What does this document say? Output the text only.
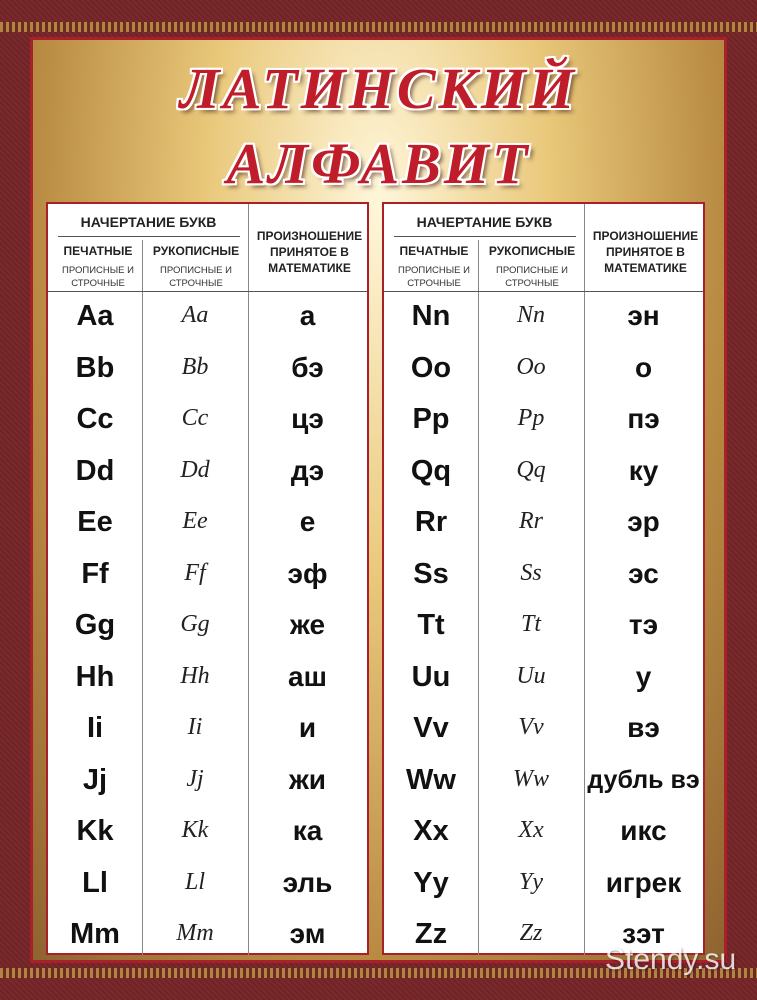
ЛАТИНСКИЙ
АЛФАВИТ
НАЧЕРТАНИЕ БУКВ
ПЕЧАТНЫЕ	РУКОПИСНЫЕ
ПРОПИСНЫЕ И СТРОЧНЫЕ
ПРОПИСНЫЕ И СТРОЧНЫЕ
ПРОИЗНОШЕНИЕ ПРИНЯТОЕ В МАТЕМАТИКЕ
Aa	Aa	а
Bb	Bb	бэ
Cc	Cc	цэ
Dd	Dd	дэ
Ee	Ee	е
Ff	Ff	эф
Gg	Gg	же
Hh	Hh	аш
Ii	Ii	и
Jj	Jj	жи
Kk	Kk	ка
Ll	Ll	эль
Mm	Mm	эм
НАЧЕРТАНИЕ БУКВ
ПЕЧАТНЫЕ	РУКОПИСНЫЕ
ПРОПИСНЫЕ И СТРОЧНЫЕ
ПРОПИСНЫЕ И СТРОЧНЫЕ
ПРОИЗНОШЕНИЕ ПРИНЯТОЕ В МАТЕМАТИКЕ
Nn	Nn	эн
Oo	Oo	о
Pp	Pp	пэ
Qq	Qq	ку
Rr	Rr	эр
Ss	Ss	эс
Tt	Tt	тэ
Uu	Uu	у
Vv	Vv	вэ
Ww	Ww	дубль вэ
Xx	Xx	икс
Yy	Yy	игрек
Zz	Zz	зэт
Stendy.su
